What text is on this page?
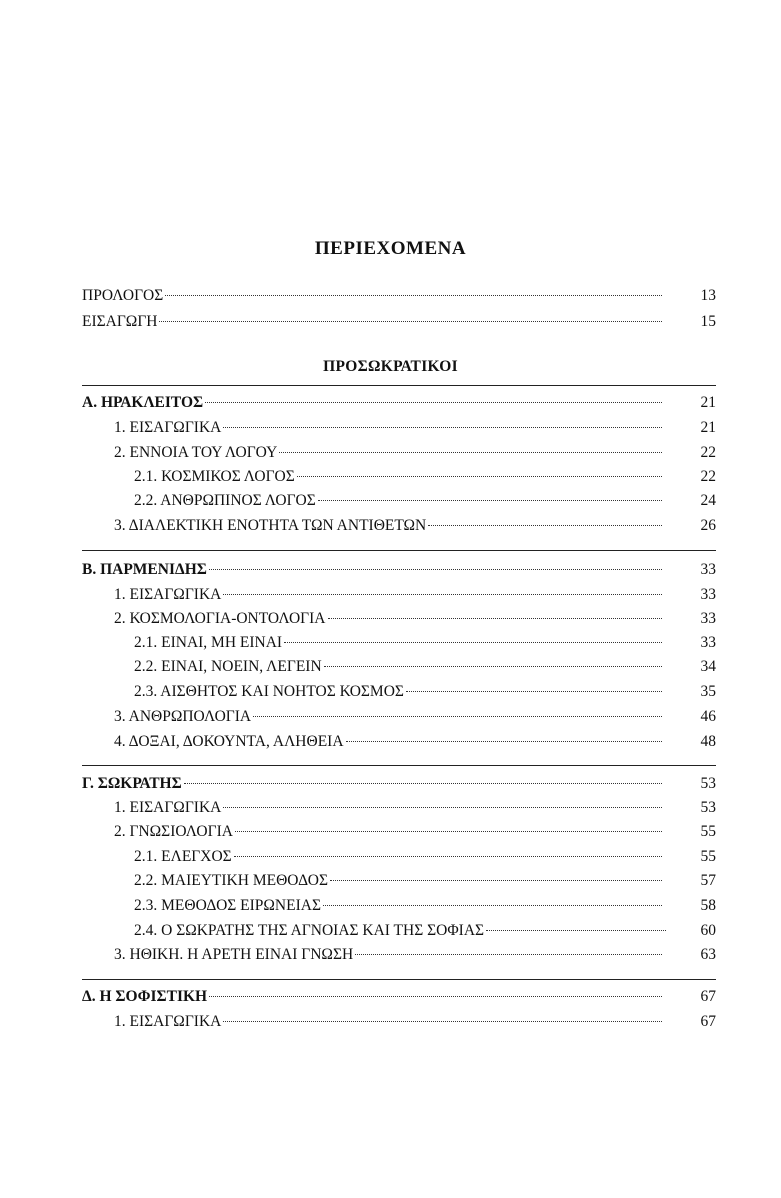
ΠΕΡΙΕΧΟΜΕΝΑ
ΠΡΟΛΟΓΟΣ	13
ΕΙΣΑΓΩΓΗ	15
ΠΡΟΣΩΚΡΑΤΙΚΟΙ
Α. ΗΡΑΚΛΕΙΤΟΣ	21
1. ΕΙΣΑΓΩΓΙΚΑ	21
2. ΕΝΝΟΙΑ ΤΟΥ ΛΟΓΟΥ	22
2.1. ΚΟΣΜΙΚΟΣ ΛΟΓΟΣ	22
2.2. ΑΝΘΡΩΠΙΝΟΣ ΛΟΓΟΣ	24
3. ΔΙΑΛΕΚΤΙΚΗ ΕΝΟΤΗΤΑ ΤΩΝ ΑΝΤΙΘΕΤΩΝ	26
Β. ΠΑΡΜΕΝΙΔΗΣ	33
1. ΕΙΣΑΓΩΓΙΚΑ	33
2. ΚΟΣΜΟΛΟΓΙΑ-ΟΝΤΟΛΟΓΙΑ	33
2.1. ΕΙΝΑΙ, ΜΗ ΕΙΝΑΙ	33
2.2. ΕΙΝΑΙ, ΝΟΕΙΝ, ΛΕΓΕΙΝ	34
2.3. ΑΙΣΘΗΤΟΣ ΚΑΙ ΝΟΗΤΟΣ ΚΟΣΜΟΣ	35
3. ΑΝΘΡΩΠΟΛΟΓΙΑ	46
4. ΔΟΞΑΙ, ΔΟΚΟΥΝΤΑ, ΑΛΗΘΕΙΑ	48
Γ. ΣΩΚΡΑΤΗΣ	53
1. ΕΙΣΑΓΩΓΙΚΑ	53
2. ΓΝΩΣΙΟΛΟΓΙΑ	55
2.1. ΕΛΕΓΧΟΣ	55
2.2. ΜΑΙΕΥΤΙΚΗ ΜΕΘΟΔΟΣ	57
2.3. ΜΕΘΟΔΟΣ ΕΙΡΩΝΕΙΑΣ	58
2.4. Ο ΣΩΚΡΑΤΗΣ ΤΗΣ ΑΓΝΟΙΑΣ ΚΑΙ ΤΗΣ ΣΟΦΙΑΣ	60
3. ΗΘΙΚΗ. Η ΑΡΕΤΗ ΕΙΝΑΙ ΓΝΩΣΗ	63
Δ. Η ΣΟΦΙΣΤΙΚΗ	67
1. ΕΙΣΑΓΩΓΙΚΑ	67
